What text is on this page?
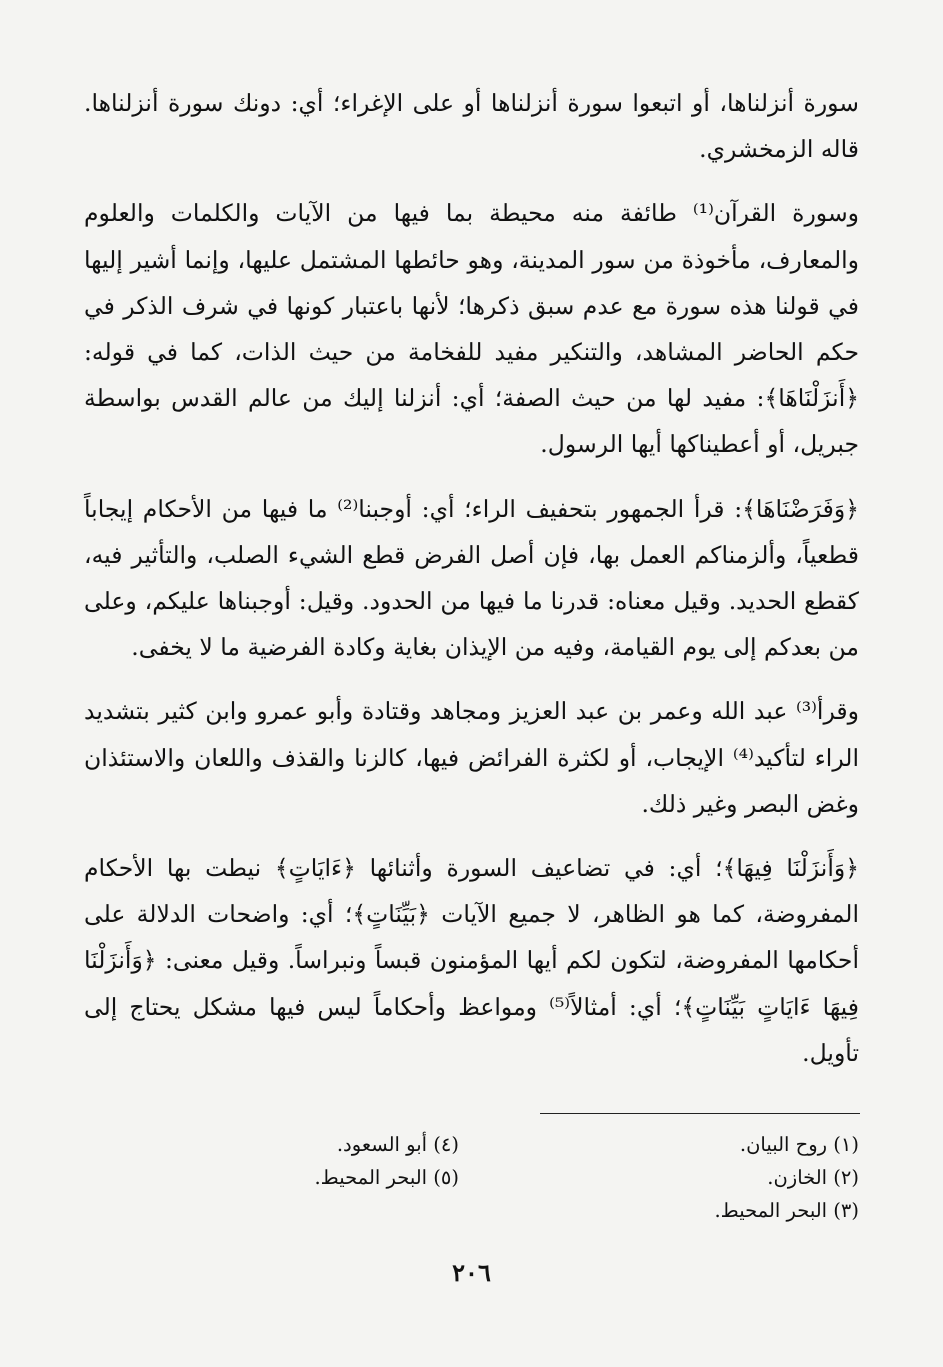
سورة أنزلناها، أو اتبعوا سورة أنزلناها أو على الإغراء؛ أي: دونك سورة أنزلناها. قاله الزمخشري.

وسورة القرآن⁽¹⁾ طائفة منه محيطة بما فيها من الآيات والكلمات والعلوم والمعارف، مأخوذة من سور المدينة، وهو حائطها المشتمل عليها، وإنما أشير إليها في قولنا هذه سورة مع عدم سبق ذكرها؛ لأنها باعتبار كونها في شرف الذكر في حكم الحاضر المشاهد، والتنكير مفيد للفخامة من حيث الذات، كما في قوله: ﴿أَنزَلْنَاهَا﴾: مفيد لها من حيث الصفة؛ أي: أنزلنا إليك من عالم القدس بواسطة جبريل، أو أعطيناكها أيها الرسول.

﴿وَفَرَضْنَاهَا﴾: قرأ الجمهور بتحفيف الراء؛ أي: أوجبنا⁽²⁾ ما فيها من الأحكام إيجاباً قطعياً، وألزمناكم العمل بها، فإن أصل الفرض قطع الشيء الصلب، والتأثير فيه، كقطع الحديد. وقيل معناه: قدرنا ما فيها من الحدود. وقيل: أوجبناها عليكم، وعلى من بعدكم إلى يوم القيامة، وفيه من الإيذان بغاية وكادة الفرضية ما لا يخفى.

وقرأ⁽³⁾ عبد الله وعمر بن عبد العزيز ومجاهد وقتادة وأبو عمرو وابن كثير بتشديد الراء لتأكيد⁽⁴⁾ الإيجاب، أو لكثرة الفرائض فيها، كالزنا والقذف واللعان والاستئذان وغض البصر وغير ذلك.

﴿وَأَنزَلْنَا فِيهَا﴾؛ أي: في تضاعيف السورة وأثنائها ﴿ءَايَاتٍ﴾ نيطت بها الأحكام المفروضة، كما هو الظاهر، لا جميع الآيات ﴿بَيِّنَاتٍ﴾؛ أي: واضحات الدلالة على أحكامها المفروضة، لتكون لكم أيها المؤمنون قبساً ونبراساً. وقيل معنى: ﴿وَأَنزَلْنَا فِيهَا ءَايَاتٍ بَيِّنَاتٍ﴾؛ أي: أمثالاً⁽⁵⁾ ومواعظ وأحكاماً ليس فيها مشكل يحتاج إلى تأويل.

(١) روح البيان.
(٢) الخازن.
(٣) البحر المحيط.
(٤) أبو السعود.
(٥) البحر المحيط.
٢٠٦
